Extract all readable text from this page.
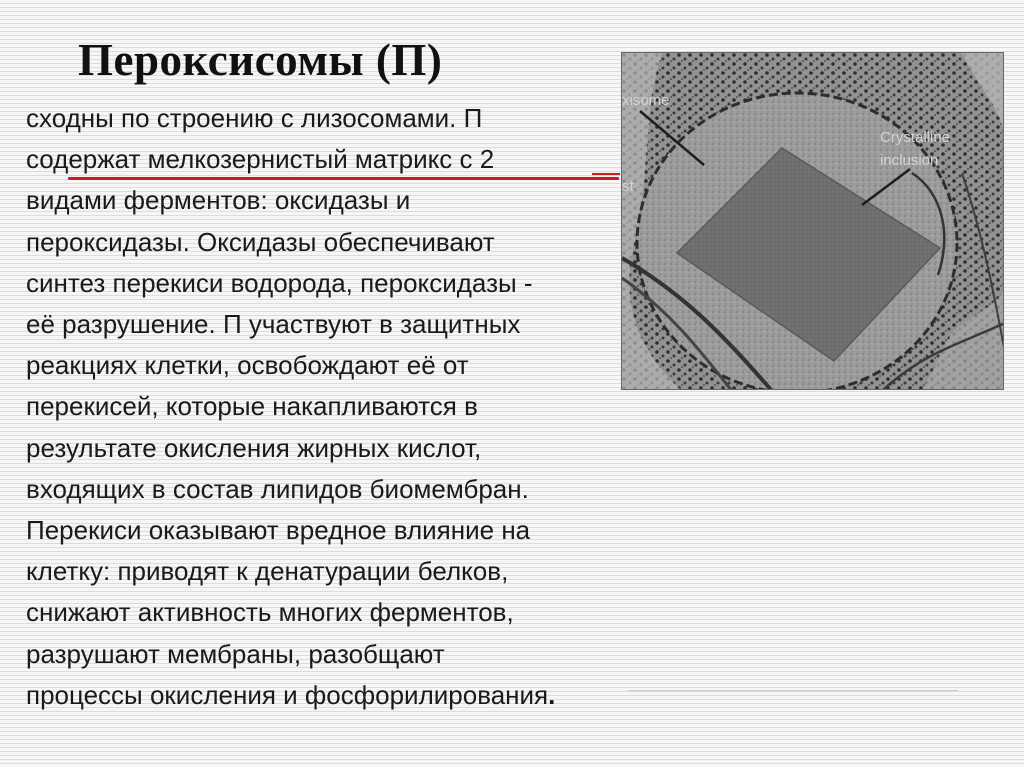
Пероксисомы (П)

сходны по строению с лизосомами. П
содержат мелкозернистый матрикс с 2
видами ферментов: оксидазы и
пероксидазы. Оксидазы обеспечивают
синтез перекиси водорода, пероксидазы -
её разрушение. П участвуют в защитных
реакциях клетки, освобождают её от
перекисей, которые накапливаются в
результате окисления жирных кислот,
входящих в состав липидов биомембран.
Перекиси оказывают вредное влияние на
клетку: приводят к денатурации белков,
снижают активность многих ферментов,
разрушают мембраны, разобщают
процессы окисления и фосфорилирования.

xisome
Crystalline
inclusion
st
